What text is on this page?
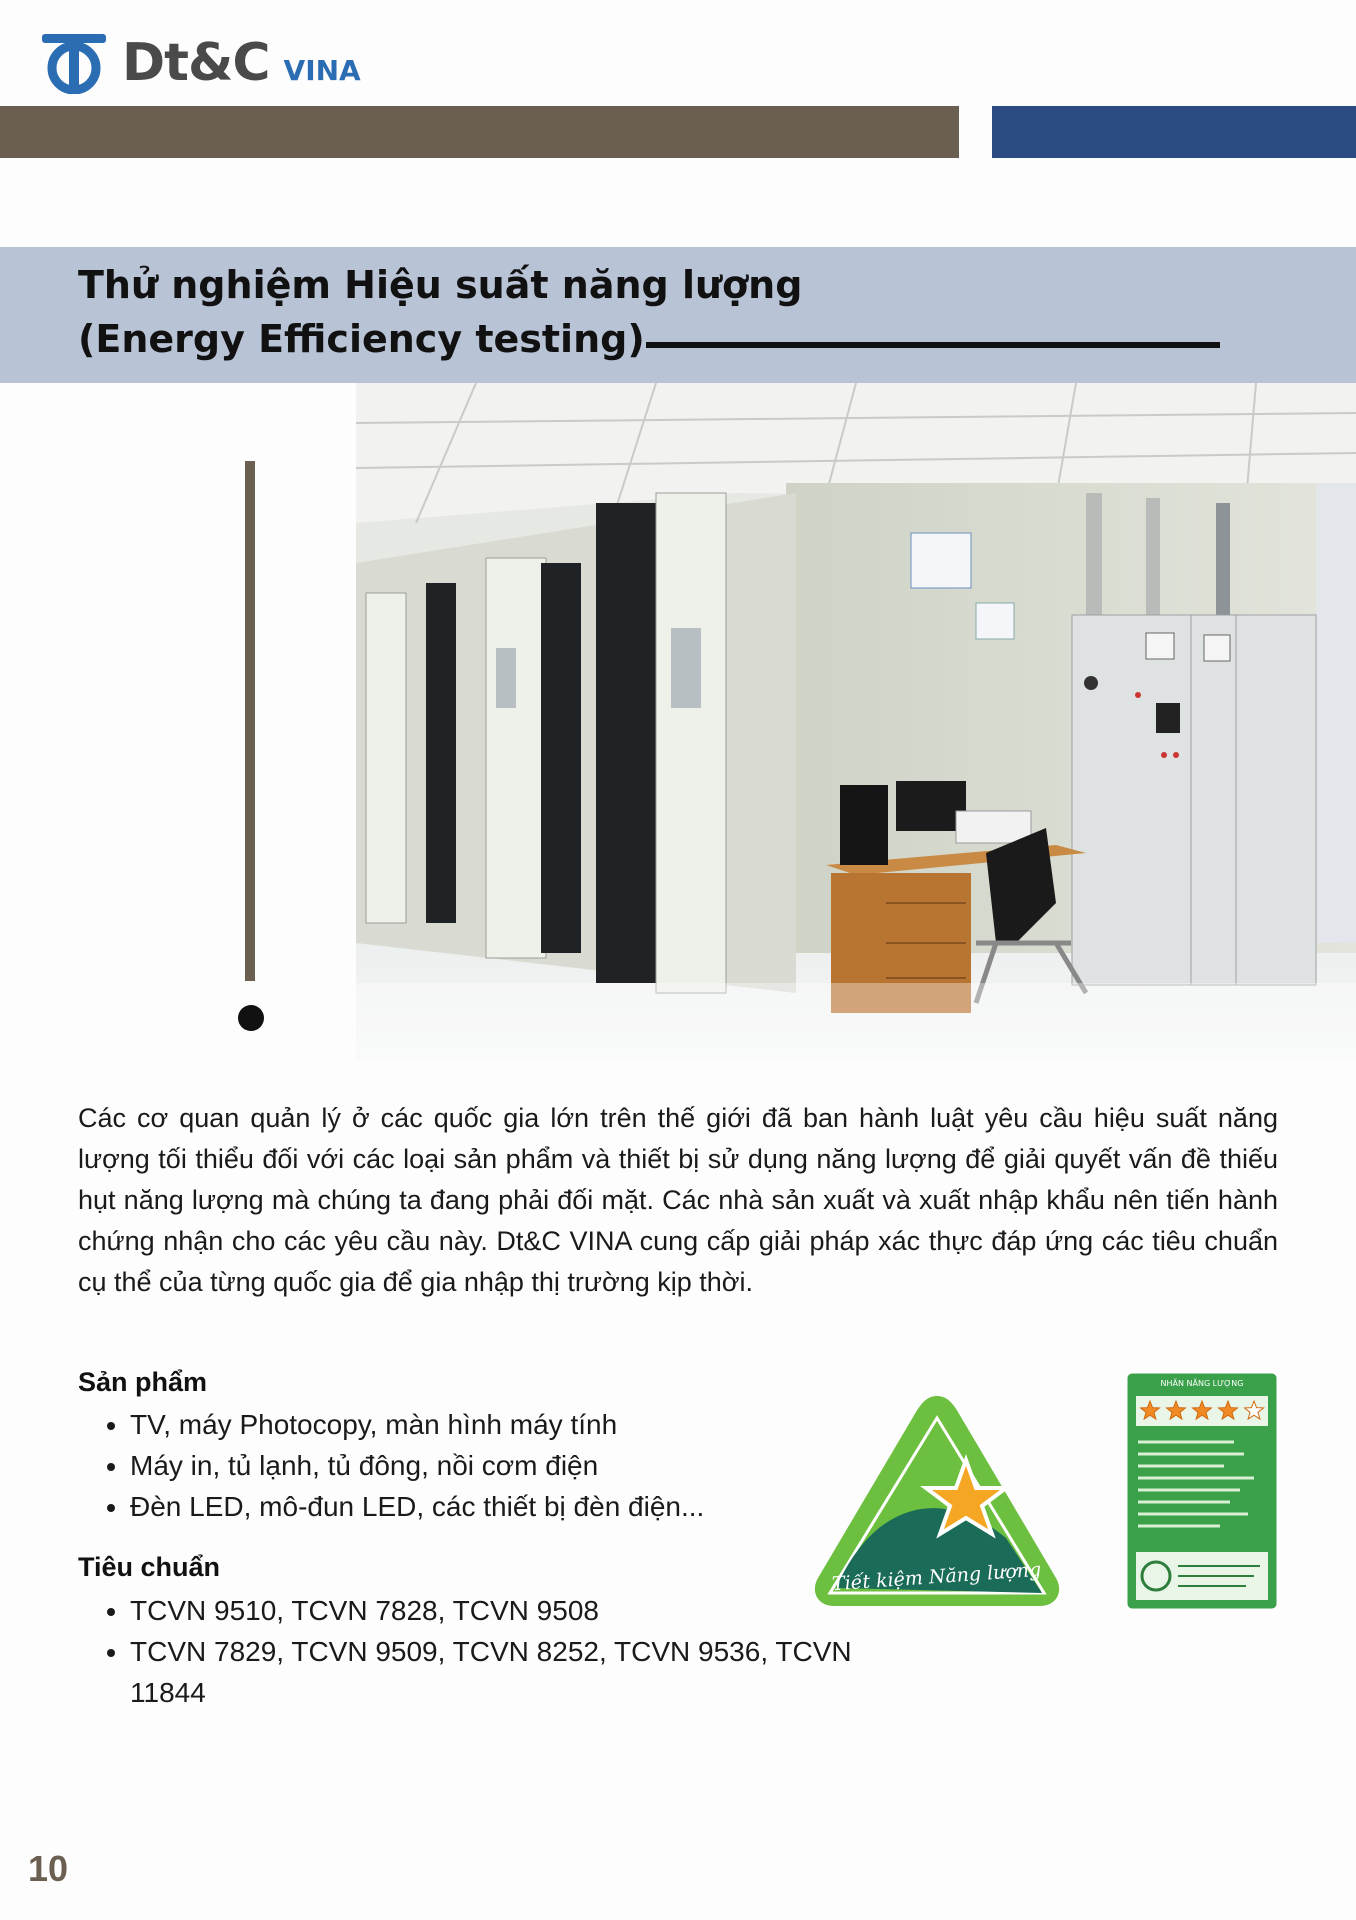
Dt&C VINA
Thử nghiệm Hiệu suất năng lượng
(Energy Efficiency testing)
Các cơ quan quản lý ở các quốc gia lớn trên thế giới đã ban hành luật yêu cầu hiệu suất năng lượng tối thiểu đối với các loại sản phẩm và thiết bị sử dụng năng lượng để giải quyết vấn đề thiếu hụt năng lượng mà chúng ta đang phải đối mặt. Các nhà sản xuất và xuất nhập khẩu nên tiến hành chứng nhận cho các yêu cầu này. Dt&C VINA cung cấp giải pháp xác thực đáp ứng các tiêu chuẩn cụ thể của từng quốc gia để gia nhập thị trường kịp thời.
Sản phẩm
• TV, máy Photocopy, màn hình máy tính
• Máy in, tủ lạnh, tủ đông, nồi cơm điện
• Đèn LED, mô-đun LED, các thiết bị đèn điện...
Tiêu chuẩn
• TCVN 9510, TCVN 7828, TCVN 9508
• TCVN 7829, TCVN 9509, TCVN 8252, TCVN 9536, TCVN 11844
Tiết kiệm Năng lượng
NHÃN NĂNG LƯỢNG
10
